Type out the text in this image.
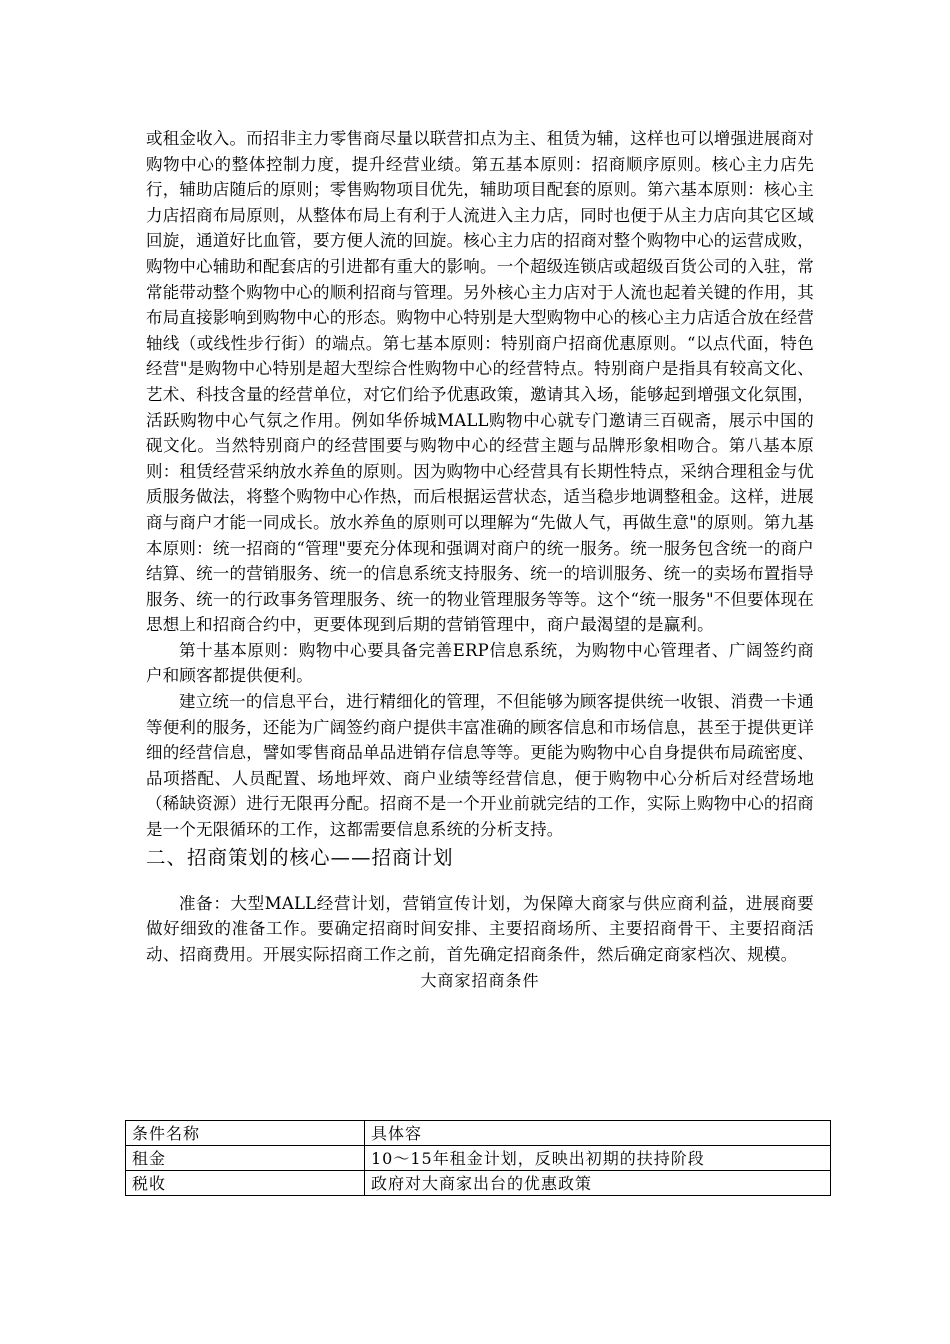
或租金收入。而招非主力零售商尽量以联营扣点为主、租赁为辅，这样也可以增强进展商对购物中心的整体控制力度，提升经营业绩。第五基本原则：招商顺序原则。核心主力店先行，辅助店随后的原则；零售购物项目优先，辅助项目配套的原则。第六基本原则：核心主力店招商布局原则，从整体布局上有利于人流进入主力店，同时也便于从主力店向其它区域回旋，通道好比血管，要方便人流的回旋。核心主力店的招商对整个购物中心的运营成败，购物中心辅助和配套店的引进都有重大的影响。一个超级连锁店或超级百货公司的入驻，常常能带动整个购物中心的顺利招商与管理。另外核心主力店对于人流也起着关键的作用，其布局直接影响到购物中心的形态。购物中心特别是大型购物中心的核心主力店适合放在经营轴线（或线性步行街）的端点。第七基本原则：特别商户招商优惠原则。“以点代面，特色经营"是购物中心特别是超大型综合性购物中心的经营特点。特别商户是指具有较高文化、艺术、科技含量的经营单位，对它们给予优惠政策，邀请其入场，能够起到增强文化氛围，活跃购物中心气氛之作用。例如华侨城MALL购物中心就专门邀请三百砚斋，展示中国的砚文化。当然特别商户的经营围要与购物中心的经营主题与品牌形象相吻合。第八基本原则：租赁经营采纳放水养鱼的原则。因为购物中心经营具有长期性特点，采纳合理租金与优质服务做法，将整个购物中心作热，而后根据运营状态，适当稳步地调整租金。这样，进展商与商户才能一同成长。放水养鱼的原则可以理解为“先做人气，再做生意"的原则。第九基本原则：统一招商的“管理"要充分体现和强调对商户的统一服务。统一服务包含统一的商户结算、统一的营销服务、统一的信息系统支持服务、统一的培训服务、统一的卖场布置指导服务、统一的行政事务管理服务、统一的物业管理服务等等。这个“统一服务"不但要体现在思想上和招商合约中，更要体现到后期的营销管理中，商户最渴望的是赢利。

第十基本原则：购物中心要具备完善ERP信息系统，为购物中心管理者、广阔签约商户和顾客都提供便利。

建立统一的信息平台，进行精细化的管理，不但能够为顾客提供统一收银、消费一卡通等便利的服务，还能为广阔签约商户提供丰富准确的顾客信息和市场信息，甚至于提供更详细的经营信息，譬如零售商品单品进销存信息等等。更能为购物中心自身提供布局疏密度、品项搭配、人员配置、场地坪效、商户业绩等经营信息，便于购物中心分析后对经营场地（稀缺资源）进行无限再分配。招商不是一个开业前就完结的工作，实际上购物中心的招商是一个无限循环的工作，这都需要信息系统的分析支持。

二、招商策划的核心——招商计划

准备：大型MALL经营计划，营销宣传计划，为保障大商家与供应商利益，进展商要做好细致的准备工作。要确定招商时间安排、主要招商场所、主要招商骨干、主要招商活动、招商费用。开展实际招商工作之前，首先确定招商条件，然后确定商家档次、规模。

大商家招商条件

条件名称	具体容
租金	10～15年租金计划，反映出初期的扶持阶段
税收	政府对大商家出台的优惠政策
